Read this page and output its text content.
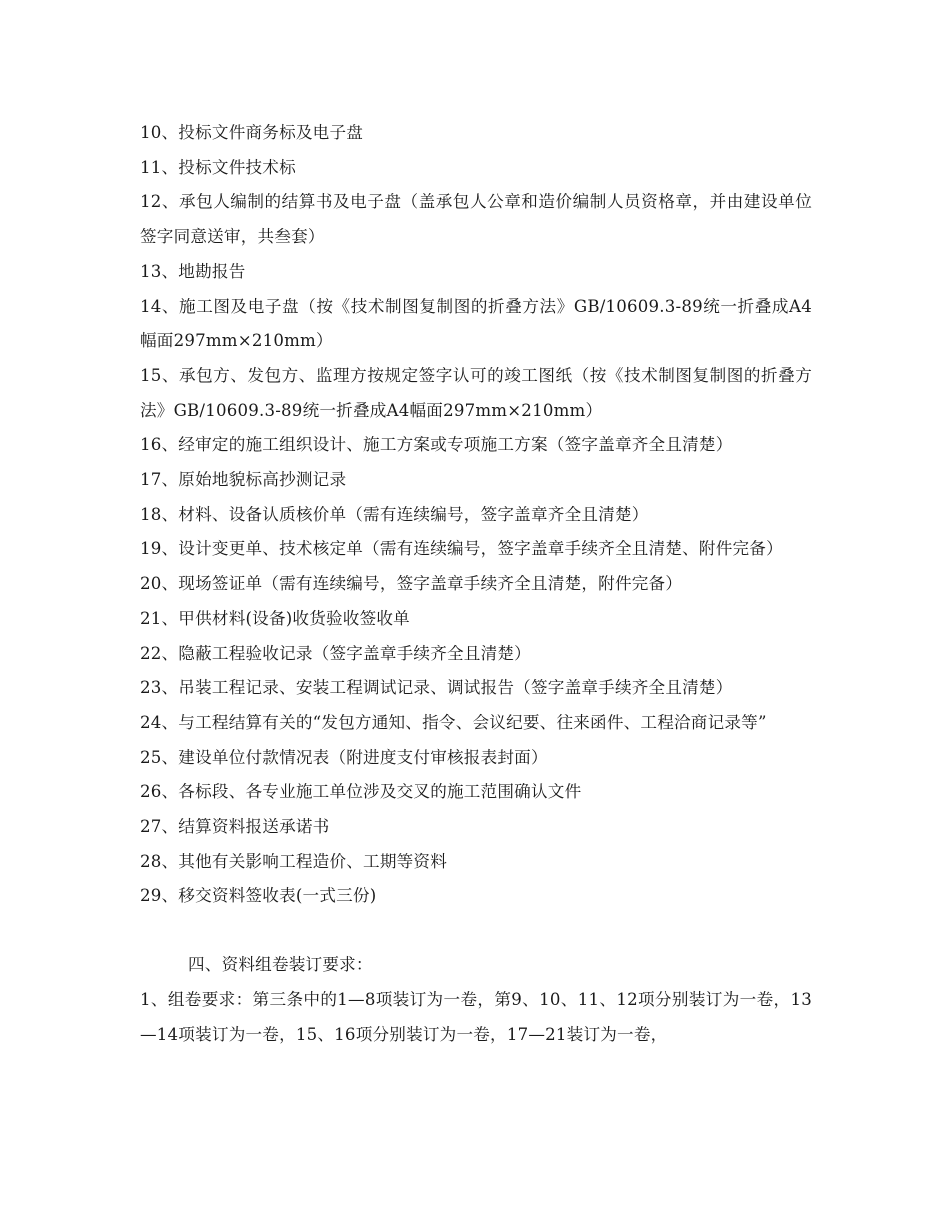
10、投标文件商务标及电子盘

11、投标文件技术标

12、承包人编制的结算书及电子盘（盖承包人公章和造价编制人员资格章，并由建设单位签字同意送审，共叁套）

13、地勘报告

14、施工图及电子盘（按《技术制图复制图的折叠方法》GB/10609.3-89统一折叠成A4幅面297mm×210mm）

15、承包方、发包方、监理方按规定签字认可的竣工图纸（按《技术制图复制图的折叠方法》GB/10609.3-89统一折叠成A4幅面297mm×210mm）

16、经审定的施工组织设计、施工方案或专项施工方案（签字盖章齐全且清楚）

17、原始地貌标高抄测记录

18、材料、设备认质核价单（需有连续编号，签字盖章齐全且清楚）

19、设计变更单、技术核定单（需有连续编号，签字盖章手续齐全且清楚、附件完备）

20、现场签证单（需有连续编号，签字盖章手续齐全且清楚，附件完备）

21、甲供材料(设备)收货验收签收单

22、隐蔽工程验收记录（签字盖章手续齐全且清楚）

23、吊装工程记录、安装工程调试记录、调试报告（签字盖章手续齐全且清楚）

24、与工程结算有关的“发包方通知、指令、会议纪要、往来函件、工程洽商记录等”

25、建设单位付款情况表（附进度支付审核报表封面）

26、各标段、各专业施工单位涉及交叉的施工范围确认文件

27、结算资料报送承诺书

28、其他有关影响工程造价、工期等资料

29、移交资料签收表(一式三份)

四、资料组卷装订要求：

1、组卷要求：第三条中的1—8项装订为一卷，第9、10、11、12项分别装订为一卷，13—14项装订为一卷，15、16项分别装订为一卷，17—21装订为一卷，
